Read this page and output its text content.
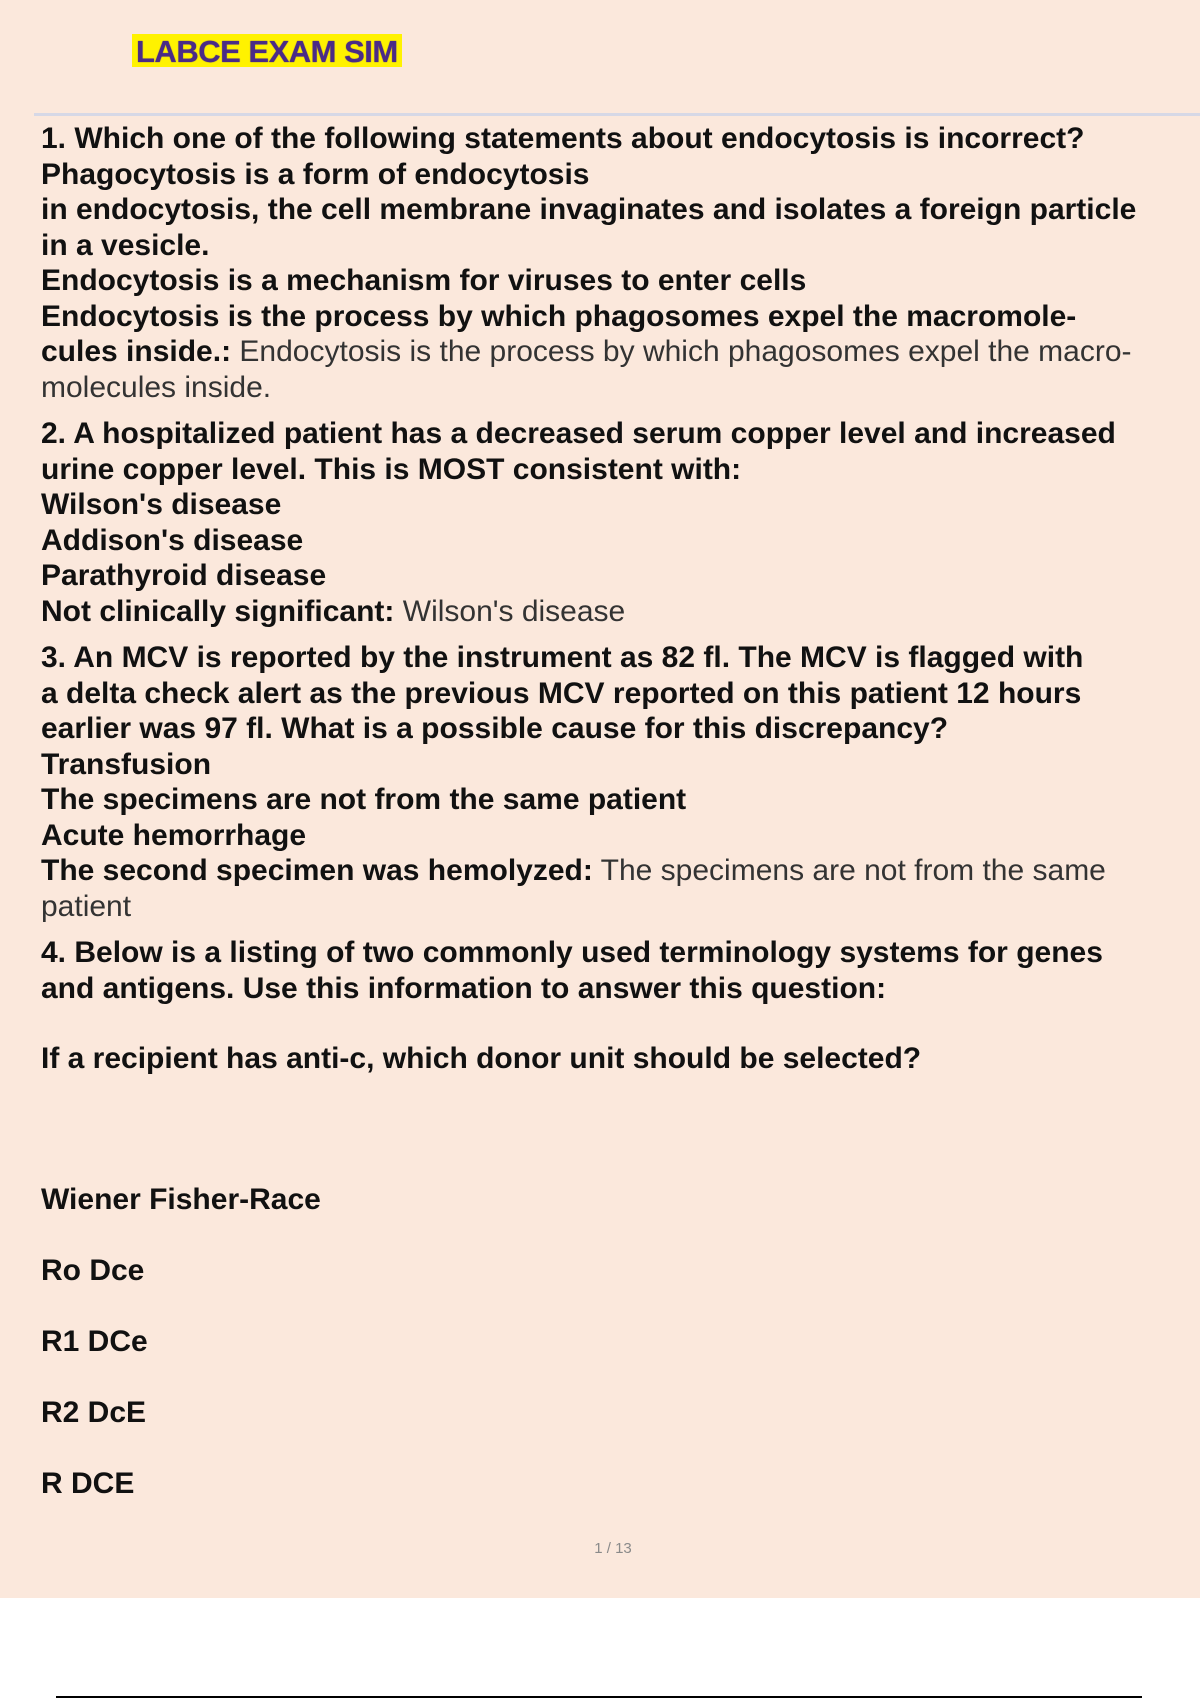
LABCE EXAM SIM
1. Which one of the following statements about endocytosis is incorrect?
Phagocytosis is a form of endocytosis
in endocytosis, the cell membrane invaginates and isolates a foreign particle
in a vesicle.
Endocytosis is a mechanism for viruses to enter cells
Endocytosis is the process by which phagosomes expel the macromole-
cules inside.: Endocytosis is the process by which phagosomes expel the macro-
molecules inside.
2. A hospitalized patient has a decreased serum copper level and increased
urine copper level. This is MOST consistent with:
Wilson's disease
Addison's disease
Parathyroid disease
Not clinically significant: Wilson's disease
3. An MCV is reported by the instrument as 82 fl. The MCV is flagged with
a delta check alert as the previous MCV reported on this patient 12 hours
earlier was 97 fl. What is a possible cause for this discrepancy?
Transfusion
The specimens are not from the same patient
Acute hemorrhage
The second specimen was hemolyzed: The specimens are not from the same
patient
4. Below is a listing of two commonly used terminology systems for genes
and antigens. Use this information to answer this question:
If a recipient has anti-c, which donor unit should be selected?
Wiener Fisher-Race
Ro Dce
R1 DCe
R2 DcE
R DCE
1 / 13
